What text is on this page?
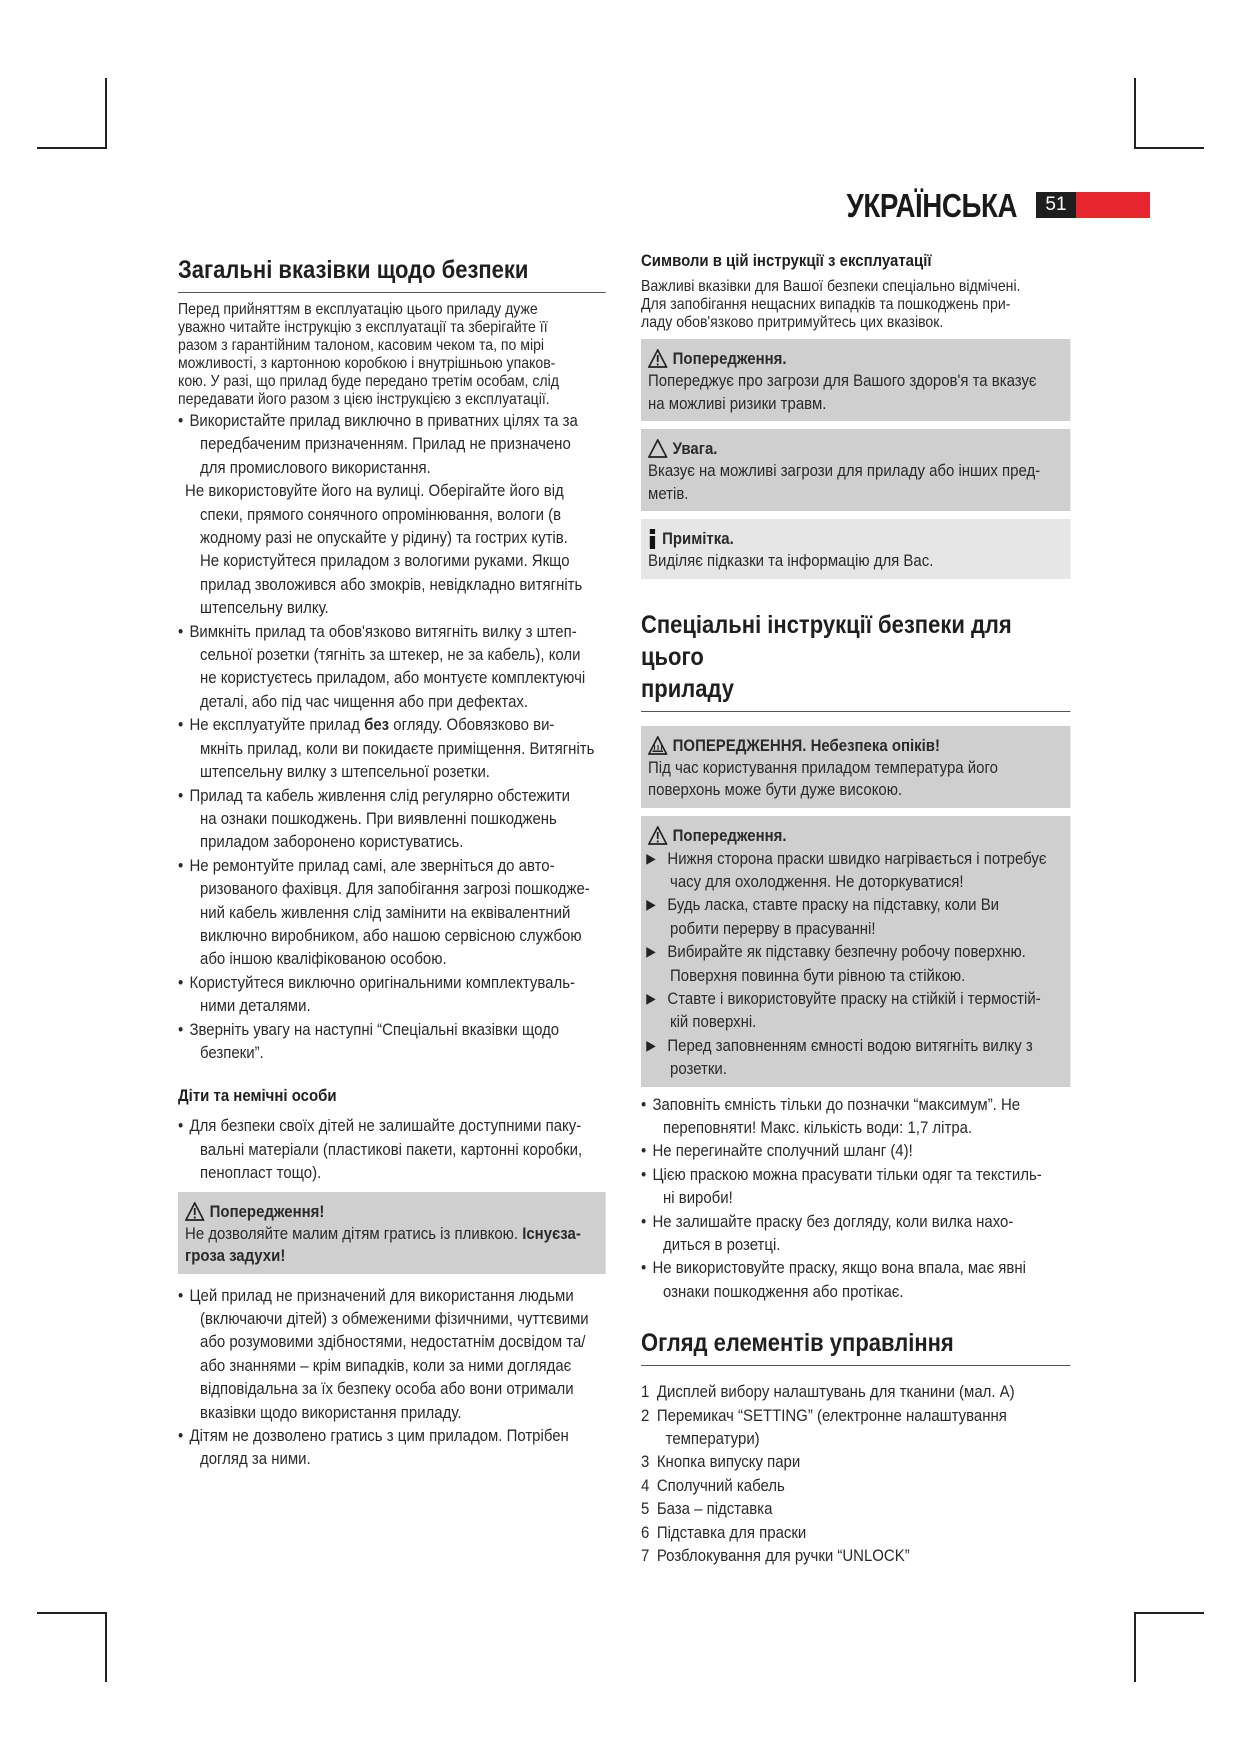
УКРАЇНСЬКА	51
Загальні вказівки щодо безпеки
Перед прийняттям в експлуатацію цього приладу дуже
уважно читайте інструкцію з експлуатації та зберігайте її
разом з гарантійним талоном, касовим чеком та, по мірі
можливості, з картонною коробкою і внутрішньою упаков-
кою. У разі, що прилад буде передано третім особам, слід
передавати його разом з цією інструкцією з експлуатації.
• Використайте прилад виключно в приватних цілях та за
передбаченим призначенням. Прилад не призначено
для промислового використання.
Не використовуйте його на вулиці. Оберігайте його від
спеки, прямого сонячного опромінювання, вологи (в
жодному разі не опускайте у рідину) та гострих кутів.
Не користуйтеся приладом з вологими руками. Якщо
прилад зволожився або змокрів, невідкладно витягніть
штепсельну вилку.
• Вимкніть прилад та обов'язково витягніть вилку з штеп-
сельної розетки (тягніть за штекер, не за кабель), коли
не користуєтесь приладом, або монтуєте комплектуючі
деталі, або під час чищення або при дефектах.
• Не експлуатуйте прилад без огляду. Обовязково ви-
мкніть прилад, коли ви покидаєте приміщення. Витягніть
штепсельну вилку з штепсельної розетки.
• Прилад та кабель живлення слід регулярно обстежити
на ознаки пошкоджень. При виявленні пошкоджень
приладом заборонено користуватись.
• Не ремонтуйте прилад самі, але зверніться до авто-
ризованого фахівця. Для запобігання загрозі пошкодже-
ний кабель живлення слід замінити на еквівалентний
виключно виробником, або нашою сервісною службою
або іншою кваліфікованою особою.
• Користуйтеся виключно оригінальними комплектуваль-
ними деталями.
• Зверніть увагу на наступні “Спеціальні вказівки щодо
безпеки”.
Діти та немічні особи
• Для безпеки своїх дітей не залишайте доступними паку-
вальні матеріали (пластикові пакети, картонні коробки,
пенопласт тощо).
Попередження!

Не дозволяйте малим дітям гратись із пливкою. Існуєза-
гроза задухи!

• Цей прилад не призначений для використання людьми
(включаючи дітей) з обмеженими фізичними, чуттєвими
або розумовими здібностями, недостатнім досвідом та/
або знаннями – крім випадків, коли за ними доглядає
відповідальна за їх безпеку особа або вони отримали
вказівки щодо використання приладу.
• Дітям не дозволено гратись з цим приладом. Потрібен
догляд за ними.
Символи в цій інструкції з експлуатації
Важливі вказівки для Вашої безпеки спеціально відмічені.
Для запобігання нещасних випадків та пошкоджень при-
ладу обов'язково притримуйтесь цих вказівок.
Попередження.

Попереджує про загрози для Вашого здоров'я та вказує
на можливі ризики травм.

Увага.

Вказує на можливі загрози для приладу або інших пред-
метів.

Примітка.

Виділяє підказки та інформацію для Вас.

Спеціальні інструкції безпеки для цього
приладу
ПОПЕРЕДЖЕННЯ. Небезпека опіків!

Під час користування приладом температура його
поверхонь може бути дуже високою.

Попередження.
▶ Нижня сторона праски швидко нагрівається і потребує
часу для охолодження. Не доторкуватися!
▶ Будь ласка, ставте праску на підставку, коли Ви
робити перерву в прасуванні!
▶ Вибирайте як підставку безпечну робочу поверхню.
Поверхня повинна бути рівною та стійкою.
▶ Ставте і використовуйте праску на стійкій і термостій-
кій поверхні.
▶ Перед заповненням ємності водою витягніть вилку з
розетки.
• Заповніть ємність тільки до позначки “максимум”. Не
переповняти! Макс. кількість води: 1,7 літра.
• Не перегинайте сполучний шланг (4)!
• Цією праскою можна прасувати тільки одяг та текстиль-
ні вироби!
• Не залишайте праску без догляду, коли вилка нахо-
диться в розетці.
• Не використовуйте праску, якщо вона впала, має явні
ознаки пошкодження або протікає.
Огляд елементів управління
1 Дисплей вибору налаштувань для тканини (мал. A)
2 Перемикач “SETTING” (електронне налаштування
температури)
3 Кнопка випуску пари
4 Сполучний кабель
5 База – підставка
6 Підставка для праски
7 Розблокування для ручки “UNLOCK”
